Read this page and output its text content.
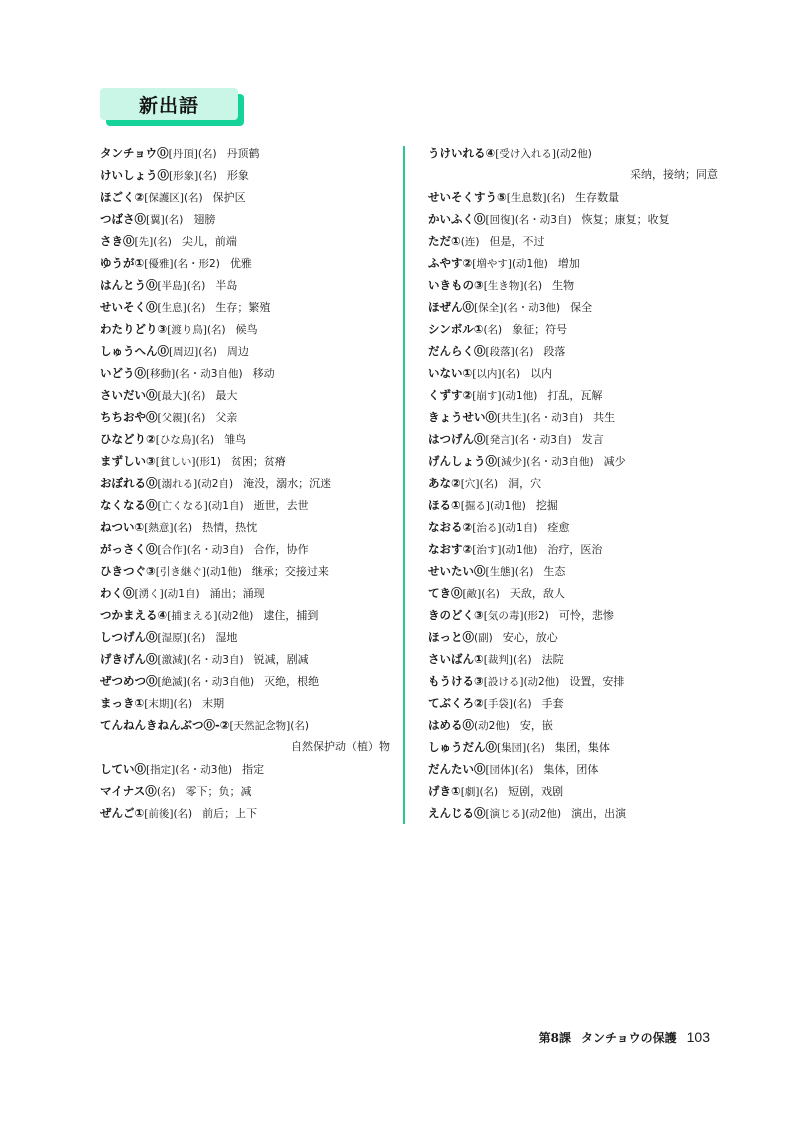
新出語
タンチョウ⓪[丹頂](名) 丹顶鹤
けいしょう⓪[形象](名) 形象
ほごく②[保護区](名) 保护区
つばさ⓪[翼](名) 翅膀
さき⓪[先](名) 尖儿，前端
ゆうが①[優雅](名・形2) 优雅
はんとう⓪[半島](名) 半岛
せいそく⓪[生息](名) 生存；繁殖
わたりどり③[渡り鳥](名) 候鸟
しゅうへん⓪[周辺](名) 周边
いどう⓪[移動](名・动3自他) 移动
さいだい⓪[最大](名) 最大
ちちおや⓪[父親](名) 父亲
ひなどり②[ひな鳥](名) 雏鸟
まずしい③[貧しい](形1) 贫困；贫瘠
おぼれる⓪[溺れる](动2自) 淹没，溺水；沉迷
なくなる⓪[亡くなる](动1自) 逝世，去世
ねつい①[熱意](名) 热情，热忱
がっさく⓪[合作](名・动3自) 合作，协作
ひきつぐ③[引き継ぐ](动1他) 继承；交接过来
わく⓪[湧く](动1自) 涌出；涌现
つかまえる④[捕まえる](动2他) 逮住，捕到
しつげん⓪[湿原](名) 湿地
げきげん⓪[激減](名・动3自) 锐减，剧减
ぜつめつ⓪[絶滅](名・动3自他) 灭绝，根绝
まっき①[末期](名) 末期
てんねんきねんぶつ⓪-②[天然記念物](名)
自然保护动（植）物
してい⓪[指定](名・动3他) 指定
マイナス⓪(名) 零下；负；减
ぜんご①[前後](名) 前后；上下
うけいれる④[受け入れる](动2他)
采纳，接纳；同意
せいそくすう⑤[生息数](名) 生存数量
かいふく⓪[回復](名・动3自) 恢复；康复；收复
ただ①(连) 但是，不过
ふやす②[増やす](动1他) 增加
いきもの③[生き物](名) 生物
ほぜん⓪[保全](名・动3他) 保全
シンボル①(名) 象征；符号
だんらく⓪[段落](名) 段落
いない①[以内](名) 以内
くずす②[崩す](动1他) 打乱，瓦解
きょうせい⓪[共生](名・动3自) 共生
はつげん⓪[発言](名・动3自) 发言
げんしょう⓪[減少](名・动3自他) 减少
あな②[穴](名) 洞，穴
ほる①[掘る](动1他) 挖掘
なおる②[治る](动1自) 痊愈
なおす②[治す](动1他) 治疗，医治
せいたい⓪[生態](名) 生态
てき⓪[敵](名) 天敌，敌人
きのどく③[気の毒](形2) 可怜，悲惨
ほっと⓪(副) 安心，放心
さいばん①[裁判](名) 法院
もうける③[設ける](动2他) 设置，安排
てぶくろ②[手袋](名) 手套
はめる⓪(动2他) 安，嵌
しゅうだん⓪[集団](名) 集团，集体
だんたい⓪[団体](名) 集体，团体
げき①[劇](名) 短剧，戏剧
えんじる⓪[演じる](动2他) 演出，出演
第8課 タンチョウの保護 103
